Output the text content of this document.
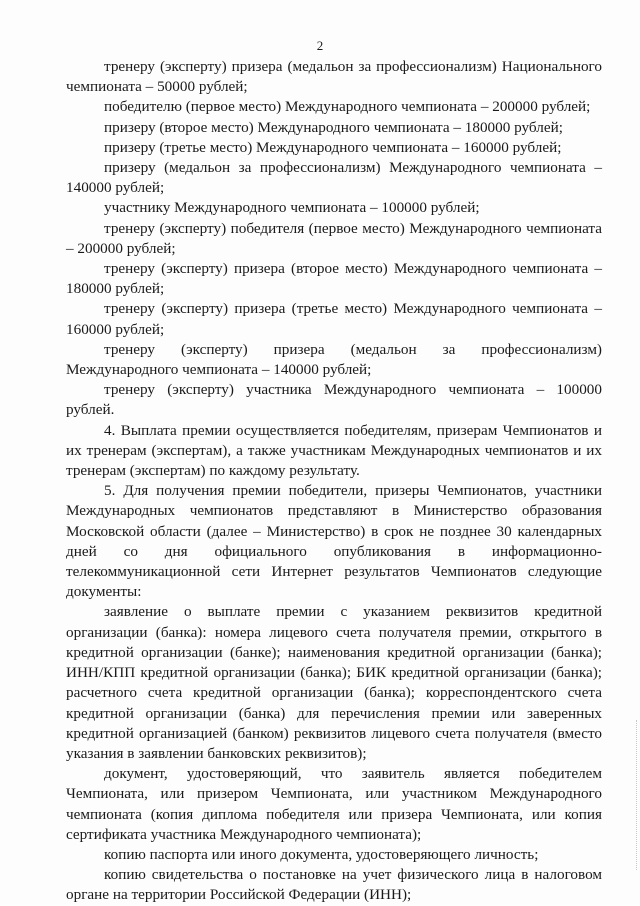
2

тренеру (эксперту) призера (медальон за профессионализм) Национального чемпионата – 50000 рублей;

победителю (первое место) Международного чемпионата – 200000 рублей;

призеру (второе место) Международного чемпионата – 180000 рублей;

призеру (третье место) Международного чемпионата – 160000 рублей;

призеру (медальон за профессионализм) Международного чемпионата – 140000 рублей;

участнику Международного чемпионата – 100000 рублей;

тренеру (эксперту) победителя (первое место) Международного чемпионата – 200000 рублей;

тренеру (эксперту) призера (второе место) Международного чемпионата – 180000 рублей;

тренеру (эксперту) призера (третье место) Международного чемпионата – 160000 рублей;

тренеру (эксперту) призера (медальон за профессионализм) Международного чемпионата – 140000 рублей;

тренеру (эксперту) участника Международного чемпионата – 100000 рублей.

4. Выплата премии осуществляется победителям, призерам Чемпионатов и их тренерам (экспертам), а также участникам Международных чемпионатов и их тренерам (экспертам) по каждому результату.

5. Для получения премии победители, призеры Чемпионатов, участники Международных чемпионатов представляют в Министерство образования Московской области (далее – Министерство) в срок не позднее 30 календарных дней со дня официального опубликования в информационно-телекоммуникационной сети Интернет результатов Чемпионатов следующие документы:

заявление о выплате премии с указанием реквизитов кредитной организации (банка): номера лицевого счета получателя премии, открытого в кредитной организации (банке); наименования кредитной организации (банка); ИНН/КПП кредитной организации (банка); БИК кредитной организации (банка); расчетного счета кредитной организации (банка); корреспондентского счета кредитной организации (банка) для перечисления премии или заверенных кредитной организацией (банком) реквизитов лицевого счета получателя (вместо указания в заявлении банковских реквизитов);

документ, удостоверяющий, что заявитель является победителем Чемпионата, или призером Чемпионата, или участником Международного чемпионата (копия диплома победителя или призера Чемпионата, или копия сертификата участника Международного чемпионата);

копию паспорта или иного документа, удостоверяющего личность;

копию свидетельства о постановке на учет физического лица в налоговом органе на территории Российской Федерации (ИНН);
